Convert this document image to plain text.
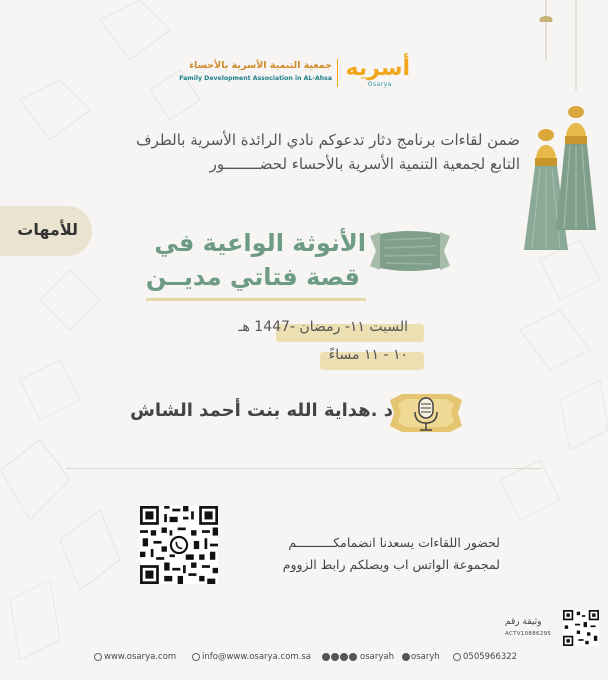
أسريه
Osarya
جمعية التنمية الأسرية بالأحساء
Family Development Association in AL-Ahsa
ضمن لقاءات برنامج دثار تدعوكم نادي الرائدة الأسرية بالطرف
التابع لجمعية التنمية الأسرية بالأحساء لحضــــــــور
للأمهات	الأنوثة الواعية في
قصة فتاتي مديــن
السبت ١١- رمضان -1447 هـ
١٠ - ١١ مساءً
د .هداية الله بنت أحمد الشاش
لحضور اللقاءات يسعدنا انضمامكــــــــــم
لمجموعة الواتس اب ويصلكم رابط الزووم
وثيقة رقم
ACTV10886295
www.osarya.com	info@www.osarya.com.sa	osaryah osaryh	0505966322
